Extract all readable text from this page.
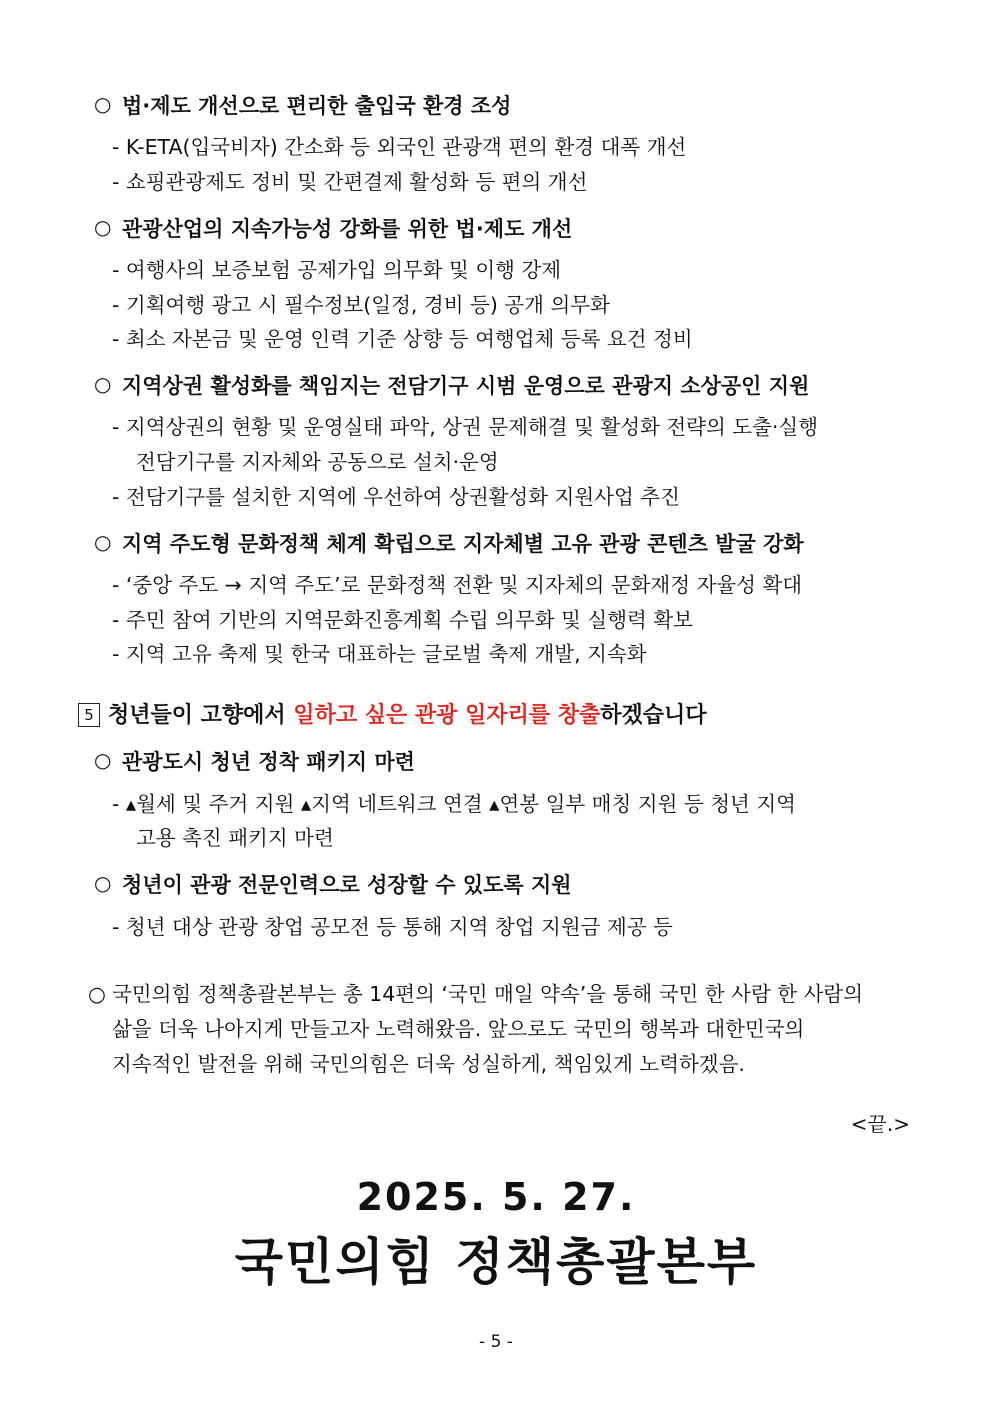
○ 법·제도 개선으로 편리한 출입국 환경 조성
- K-ETA(입국비자) 간소화 등 외국인 관광객 편의 환경 대폭 개선
- 쇼핑관광제도 정비 및 간편결제 활성화 등 편의 개선
○ 관광산업의 지속가능성 강화를 위한 법·제도 개선
- 여행사의 보증보험 공제가입 의무화 및 이행 강제
- 기획여행 광고 시 필수정보(일정, 경비 등) 공개 의무화
- 최소 자본금 및 운영 인력 기준 상향 등 여행업체 등록 요건 정비
○ 지역상권 활성화를 책임지는 전담기구 시범 운영으로 관광지 소상공인 지원
- 지역상권의 현황 및 운영실태 파악, 상권 문제해결 및 활성화 전략의 도출·실행
전담기구를 지자체와 공동으로 설치·운영
- 전담기구를 설치한 지역에 우선하여 상권활성화 지원사업 추진
○ 지역 주도형 문화정책 체계 확립으로 지자체별 고유 관광 콘텐츠 발굴 강화
- ‘중앙 주도 → 지역 주도’로 문화정책 전환 및 지자체의 문화재정 자율성 확대
- 주민 참여 기반의 지역문화진흥계획 수립 의무화 및 실행력 확보
- 지역 고유 축제 및 한국 대표하는 글로벌 축제 개발, 지속화
5 청년들이 고향에서 일하고 싶은 관광 일자리를 창출하겠습니다
○ 관광도시 청년 정착 패키지 마련
- ▴월세 및 주거 지원 ▴지역 네트워크 연결 ▴연봉 일부 매칭 지원 등 청년 지역
고용 촉진 패키지 마련
○ 청년이 관광 전문인력으로 성장할 수 있도록 지원
- 청년 대상 관광 창업 공모전 등 통해 지역 창업 지원금 제공 등
○ 국민의힘 정책총괄본부는 총 14편의 ‘국민 매일 약속’을 통해 국민 한 사람 한 사람의
삶을 더욱 나아지게 만들고자 노력해왔음. 앞으로도 국민의 행복과 대한민국의
지속적인 발전을 위해 국민의힘은 더욱 성실하게, 책임있게 노력하겠음.
<끝.>
2025. 5. 27.
국민의힘 정책총괄본부
- 5 -
